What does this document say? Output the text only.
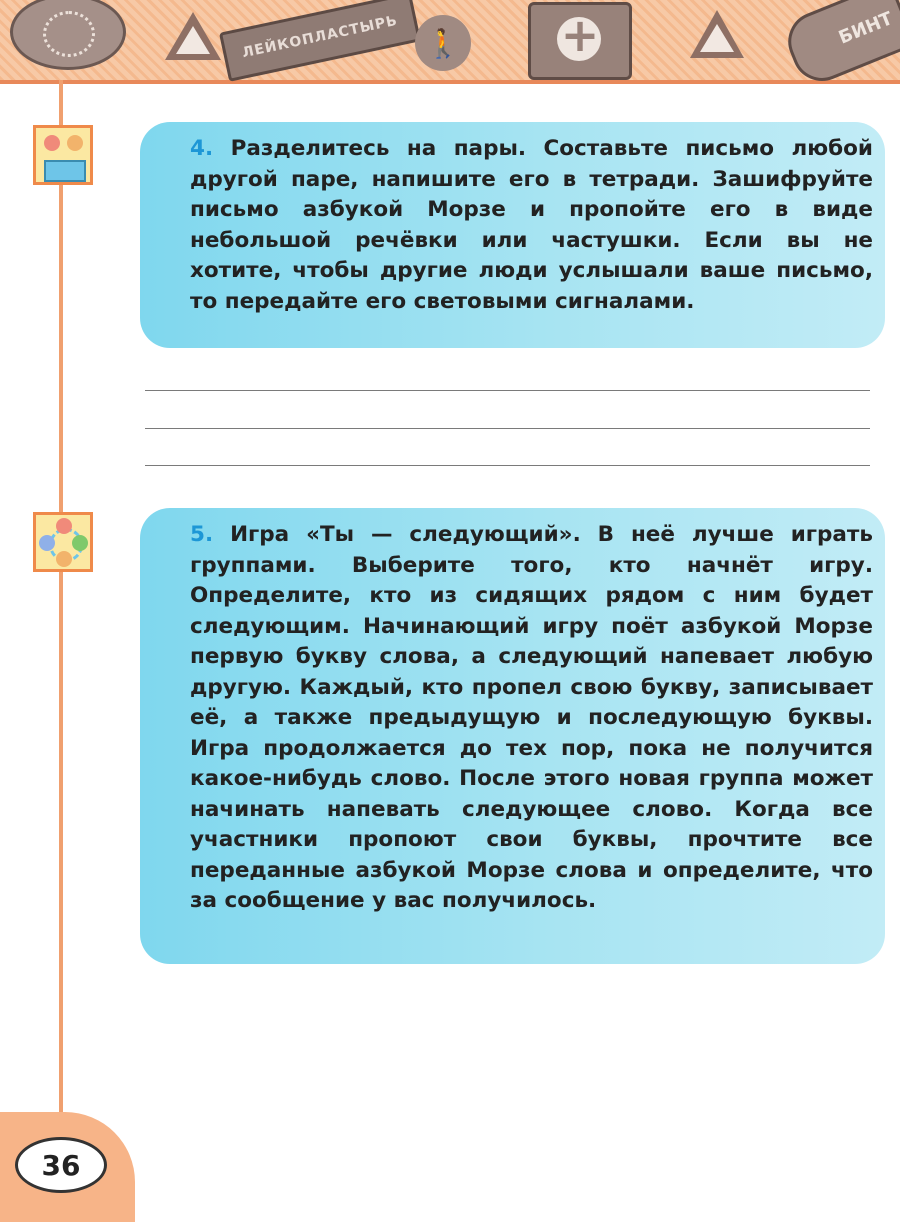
ЛЕЙКОПЛАСТЫРЬ 🚶
+	БИНТ

4. Разделитесь на пары. Составьте письмо любой другой паре, напишите его в тетради. Зашифруйте письмо азбукой Морзе и пропойте его в виде небольшой речёвки или частушки. Если вы не хотите, чтобы другие люди услышали ваше письмо, то передайте его световыми сигналами.

5. Игра «Ты — следующий». В неё лучше играть группами. Выберите того, кто начнёт игру. Определите, кто из сидящих рядом с ним будет следующим. Начинающий игру поёт азбукой Морзе первую букву слова, а следующий напевает любую другую. Каждый, кто пропел свою букву, записывает её, а также предыдущую и последующую буквы. Игра продолжается до тех пор, пока не получится какое-нибудь слово. После этого новая группа может начинать напевать следующее слово. Когда все участники пропоют свои буквы, прочтите все переданные азбукой Морзе слова и определите, что за сообщение у вас получилось.

36
